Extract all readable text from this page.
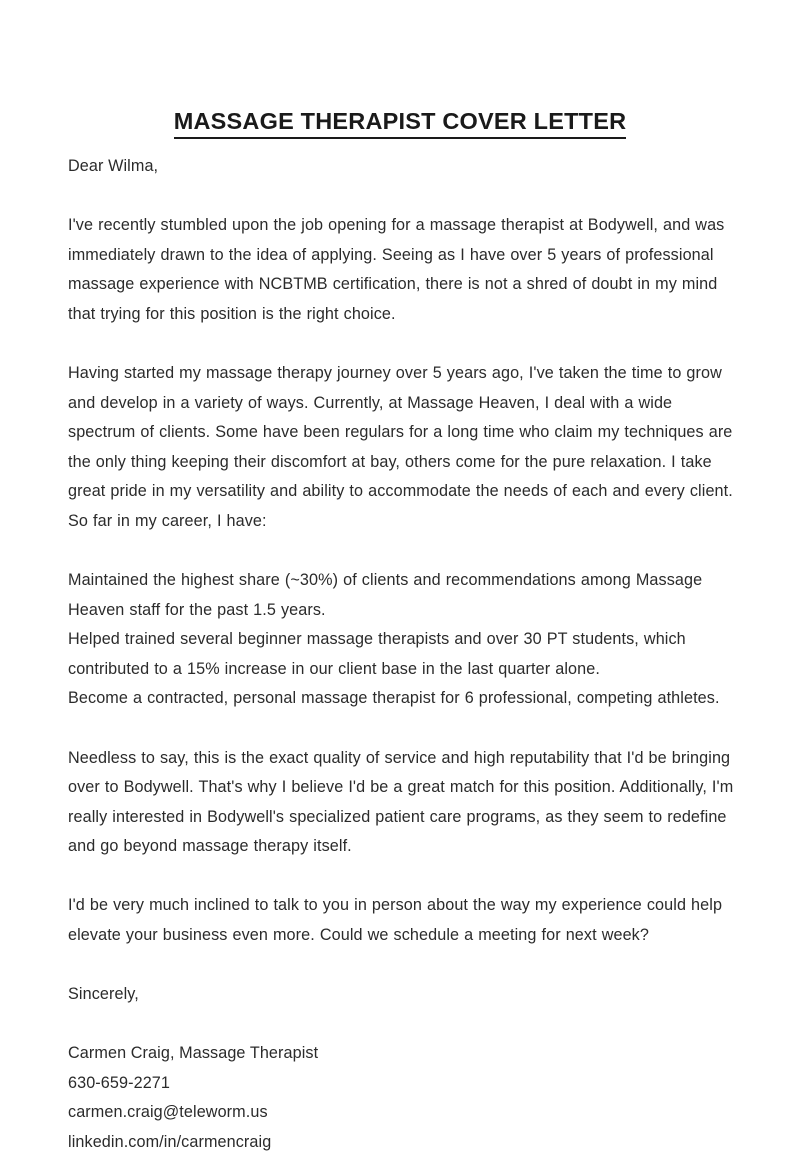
MASSAGE THERAPIST COVER LETTER

Dear Wilma,

I've recently stumbled upon the job opening for a massage therapist at Bodywell, and was immediately drawn to the idea of applying. Seeing as I have over 5 years of professional massage experience with NCBTMB certification, there is not a shred of doubt in my mind that trying for this position is the right choice.

Having started my massage therapy journey over 5 years ago, I've taken the time to grow and develop in a variety of ways. Currently, at Massage Heaven, I deal with a wide spectrum of clients. Some have been regulars for a long time who claim my techniques are the only thing keeping their discomfort at bay, others come for the pure relaxation. I take great pride in my versatility and ability to accommodate the needs of each and every client. So far in my career, I have:

Maintained the highest share (~30%) of clients and recommendations among Massage Heaven staff for the past 1.5 years.
Helped trained several beginner massage therapists and over 30 PT students, which contributed to a 15% increase in our client base in the last quarter alone.
Become a contracted, personal massage therapist for 6 professional, competing athletes.

Needless to say, this is the exact quality of service and high reputability that I'd be bringing over to Bodywell. That's why I believe I'd be a great match for this position. Additionally, I'm really interested in Bodywell's specialized patient care programs, as they seem to redefine and go beyond massage therapy itself.

I'd be very much inclined to talk to you in person about the way my experience could help elevate your business even more. Could we schedule a meeting for next week?

Sincerely,

Carmen Craig, Massage Therapist
630-659-2271
carmen.craig@teleworm.us
linkedin.com/in/carmencraig
